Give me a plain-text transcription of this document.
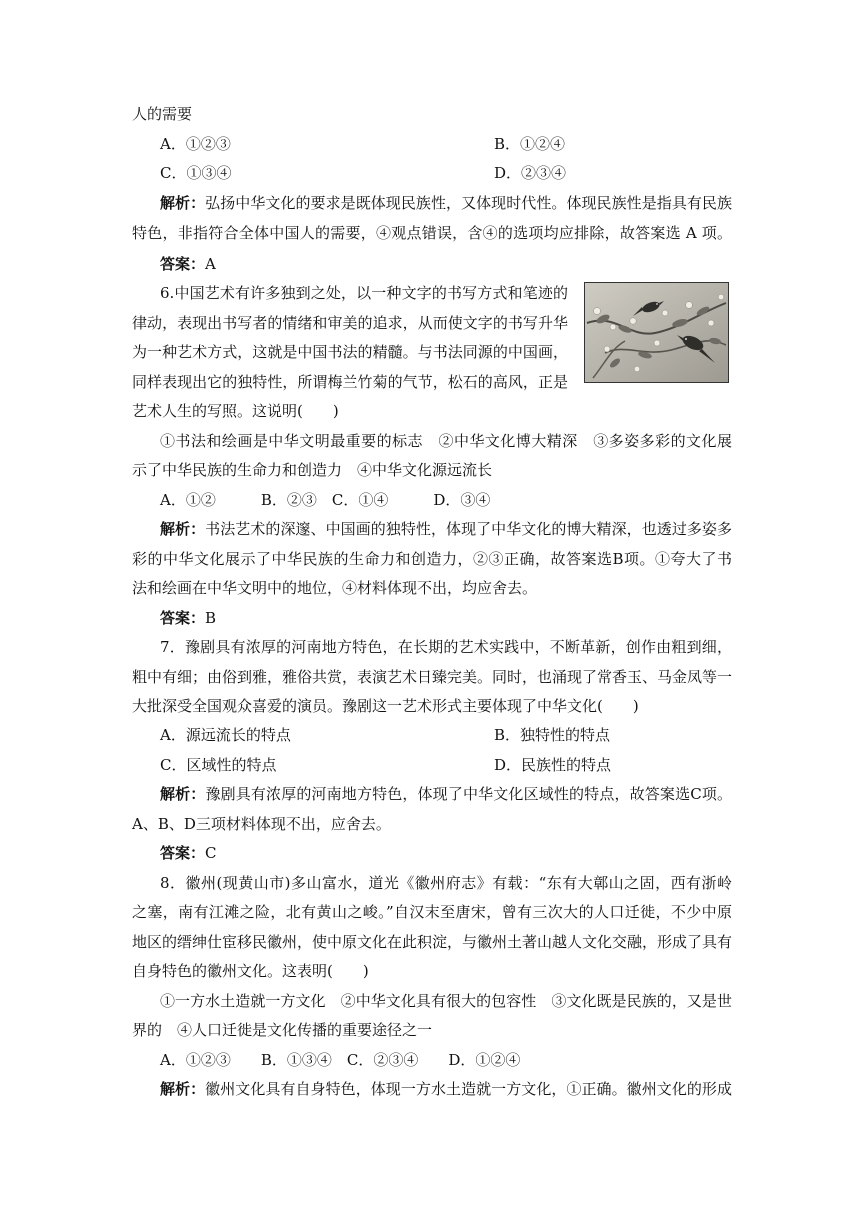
人的需要
A．①②③	B．①②④
C．①③④	D．②③④
解析：弘扬中华文化的要求是既体现民族性，又体现时代性。体现民族性是指具有民族
特色，非指符合全体中国人的需要，④观点错误，含④的选项均应排除，故答案选 A 项。
答案：A
6.中国艺术有许多独到之处，以一种文字的书写方式和笔迹的
律动，表现出书写者的情绪和审美的追求，从而使文字的书写升华
为一种艺术方式，这就是中国书法的精髓。与书法同源的中国画，
同样表现出它的独特性，所谓梅兰竹菊的气节，松石的高风，正是
艺术人生的写照。这说明(　　)
①书法和绘画是中华文明最重要的标志　②中华文化博大精深　③多姿多彩的文化展
示了中华民族的生命力和创造力　④中华文化源远流长
A．①②　　　B．②③　C．①④　　　D．③④
解析：书法艺术的深邃、中国画的独特性，体现了中华文化的博大精深，也透过多姿多
彩的中华文化展示了中华民族的生命力和创造力，②③正确，故答案选B项。①夸大了书
法和绘画在中华文明中的地位，④材料体现不出，均应舍去。
答案：B
7．豫剧具有浓厚的河南地方特色，在长期的艺术实践中，不断革新，创作由粗到细，
粗中有细；由俗到雅，雅俗共赏，表演艺术日臻完美。同时，也涌现了常香玉、马金凤等一
大批深受全国观众喜爱的演员。豫剧这一艺术形式主要体现了中华文化(　　)
A．源远流长的特点	B．独特性的特点
C．区域性的特点	D．民族性的特点
解析：豫剧具有浓厚的河南地方特色，体现了中华文化区域性的特点，故答案选C项。
A、B、D三项材料体现不出，应舍去。
答案：C
8．徽州(现黄山市)多山富水，道光《徽州府志》有载：“东有大鄣山之固，西有浙岭
之塞，南有江滩之险，北有黄山之峻。”自汉末至唐宋，曾有三次大的人口迁徙，不少中原
地区的缙绅仕宦移民徽州，使中原文化在此积淀，与徽州土著山越人文化交融，形成了具有
自身特色的徽州文化。这表明(　　)
①一方水土造就一方文化　②中华文化具有很大的包容性　③文化既是民族的，又是世
界的　④人口迁徙是文化传播的重要途径之一
A．①②③　　B．①③④　C．②③④　　D．①②④
解析：徽州文化具有自身特色，体现一方水土造就一方文化，①正确。徽州文化的形成
